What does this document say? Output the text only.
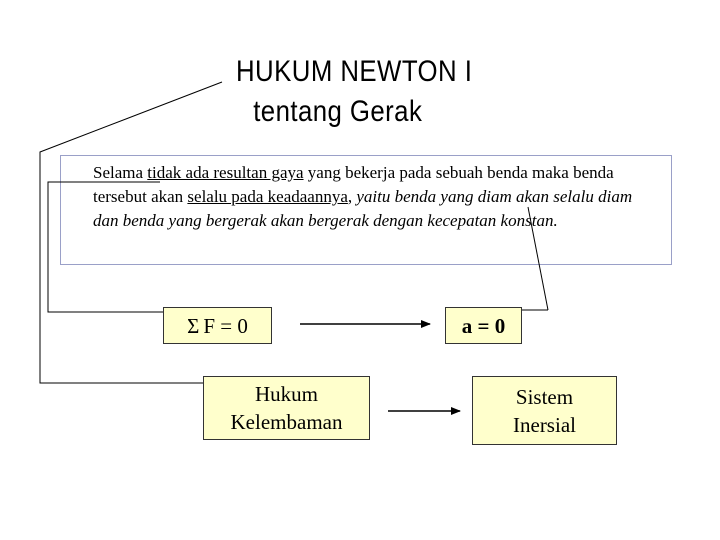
HUKUM NEWTON I
tentang Gerak
Selama tidak ada resultan gaya yang bekerja pada sebuah benda maka benda tersebut akan selalu pada keadaannya, yaitu benda yang diam akan selalu diam dan benda yang bergerak akan bergerak dengan kecepatan konstan.
Σ F = 0	a = 0
Hukum
Kelembaman
Sistem
Inersial
